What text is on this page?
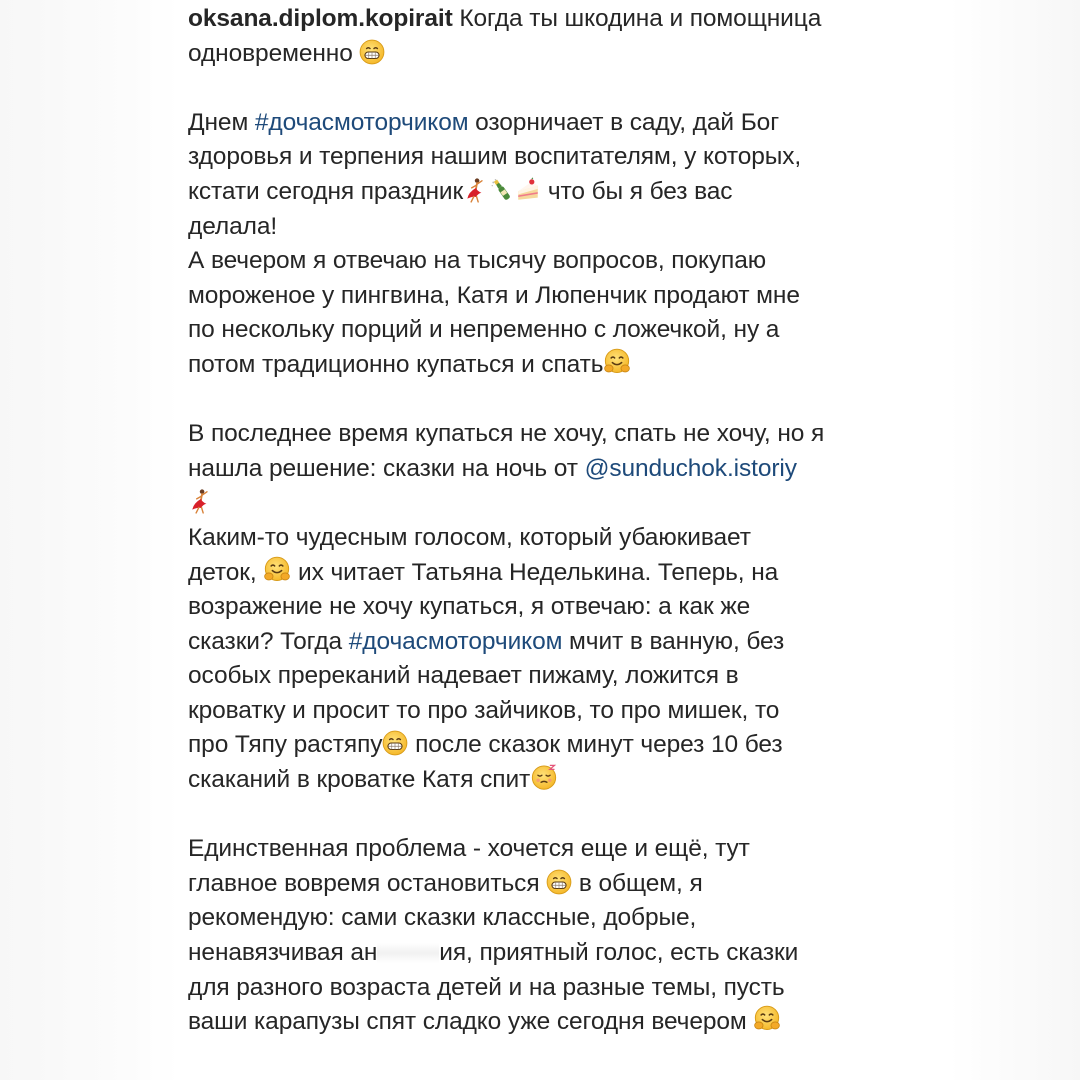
oksana.diplom.kopirait Когда ты шкодина и помощница
одновременно
Днем #дочасмоторчиком озорничает в саду, дай Бог
здоровья и терпения нашим воспитателям, у которых,
кстати сегодня праздник	что бы я без вас
делала!
А вечером я отвечаю на тысячу вопросов, покупаю
мороженое у пингвина, Катя и Люпенчик продают мне
по нескольку порций и непременно с ложечкой, ну а
потом традиционно купаться и спать
В последнее время купаться не хочу, спать не хочу, но я
нашла решение: сказки на ночь от @sunduchok.istoriy
Каким-то чудесным голосом, который убаюкивает
деток,  их читает Татьяна Неделькина. Теперь, на
возражение не хочу купаться, я отвечаю: а как же
сказки? Тогда #дочасмоторчиком мчит в ванную, без
особых пререканий надевает пижаму, ложится в
кроватку и просит то про зайчиков, то про мишек, то
про Тяпу растяпу после сказок минут через 10 без
скаканий в кроватке Катя спит
Единственная проблема - хочется еще и ещё, тут
главное вовремя остановиться  в общем, я
рекомендую: сами сказки классные, добрые,
ненавязчивая ан	ия, приятный голос, есть сказки
для разного возраста детей и на разные темы, пусть
ваши карапузы спят сладко уже сегодня вечером
